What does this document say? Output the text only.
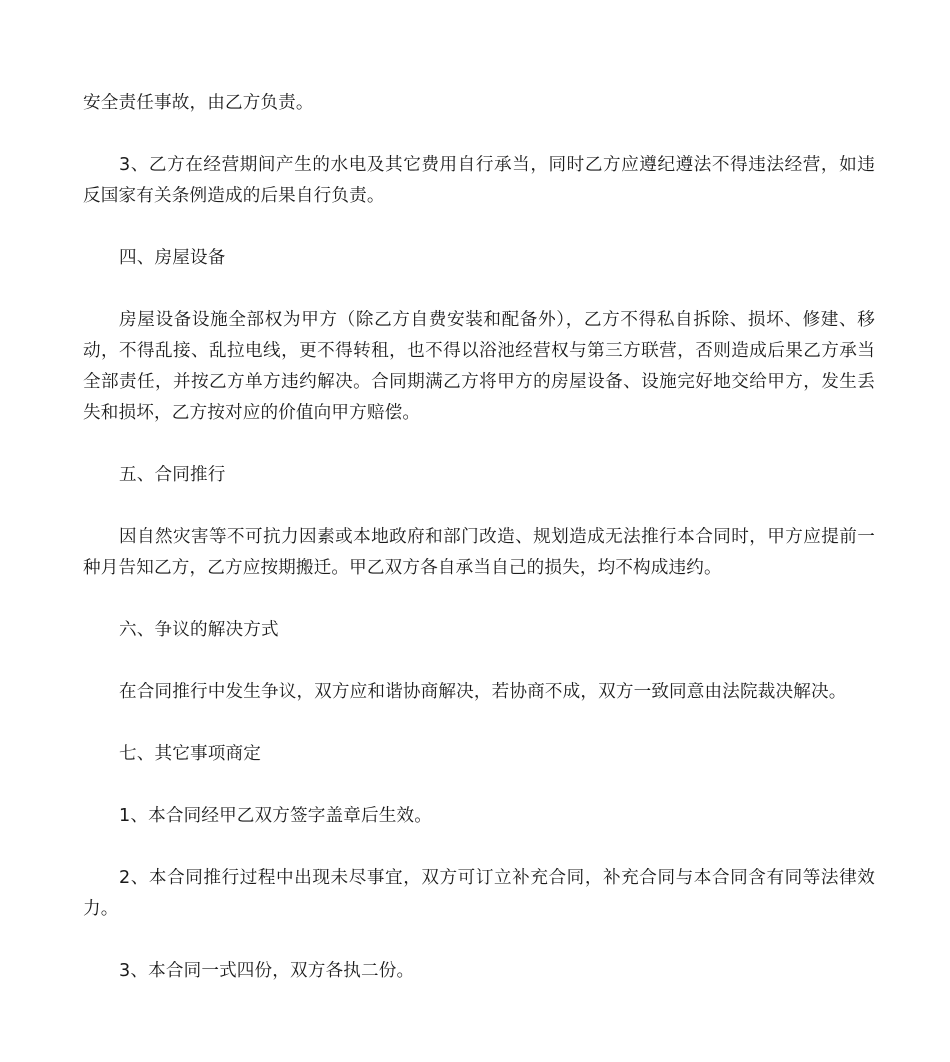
安全责任事故，由乙方负责。

3、乙方在经营期间产生的水电及其它费用自行承当，同时乙方应遵纪遵法不得违法经营，如违反国家有关条例造成的后果自行负责。

四、房屋设备

房屋设备设施全部权为甲方（除乙方自费安装和配备外），乙方不得私自拆除、损坏、修建、移动，不得乱接、乱拉电线，更不得转租，也不得以浴池经营权与第三方联营，否则造成后果乙方承当全部责任，并按乙方单方违约解决。合同期满乙方将甲方的房屋设备、设施完好地交给甲方，发生丢失和损坏，乙方按对应的价值向甲方赔偿。

五、合同推行

因自然灾害等不可抗力因素或本地政府和部门改造、规划造成无法推行本合同时，甲方应提前一种月告知乙方，乙方应按期搬迁。甲乙双方各自承当自己的损失，均不构成违约。

六、争议的解决方式

在合同推行中发生争议，双方应和谐协商解决，若协商不成，双方一致同意由法院裁决解决。

七、其它事项商定

1、本合同经甲乙双方签字盖章后生效。

2、本合同推行过程中出现未尽事宜，双方可订立补充合同，补充合同与本合同含有同等法律效力。

3、本合同一式四份，双方各执二份。
